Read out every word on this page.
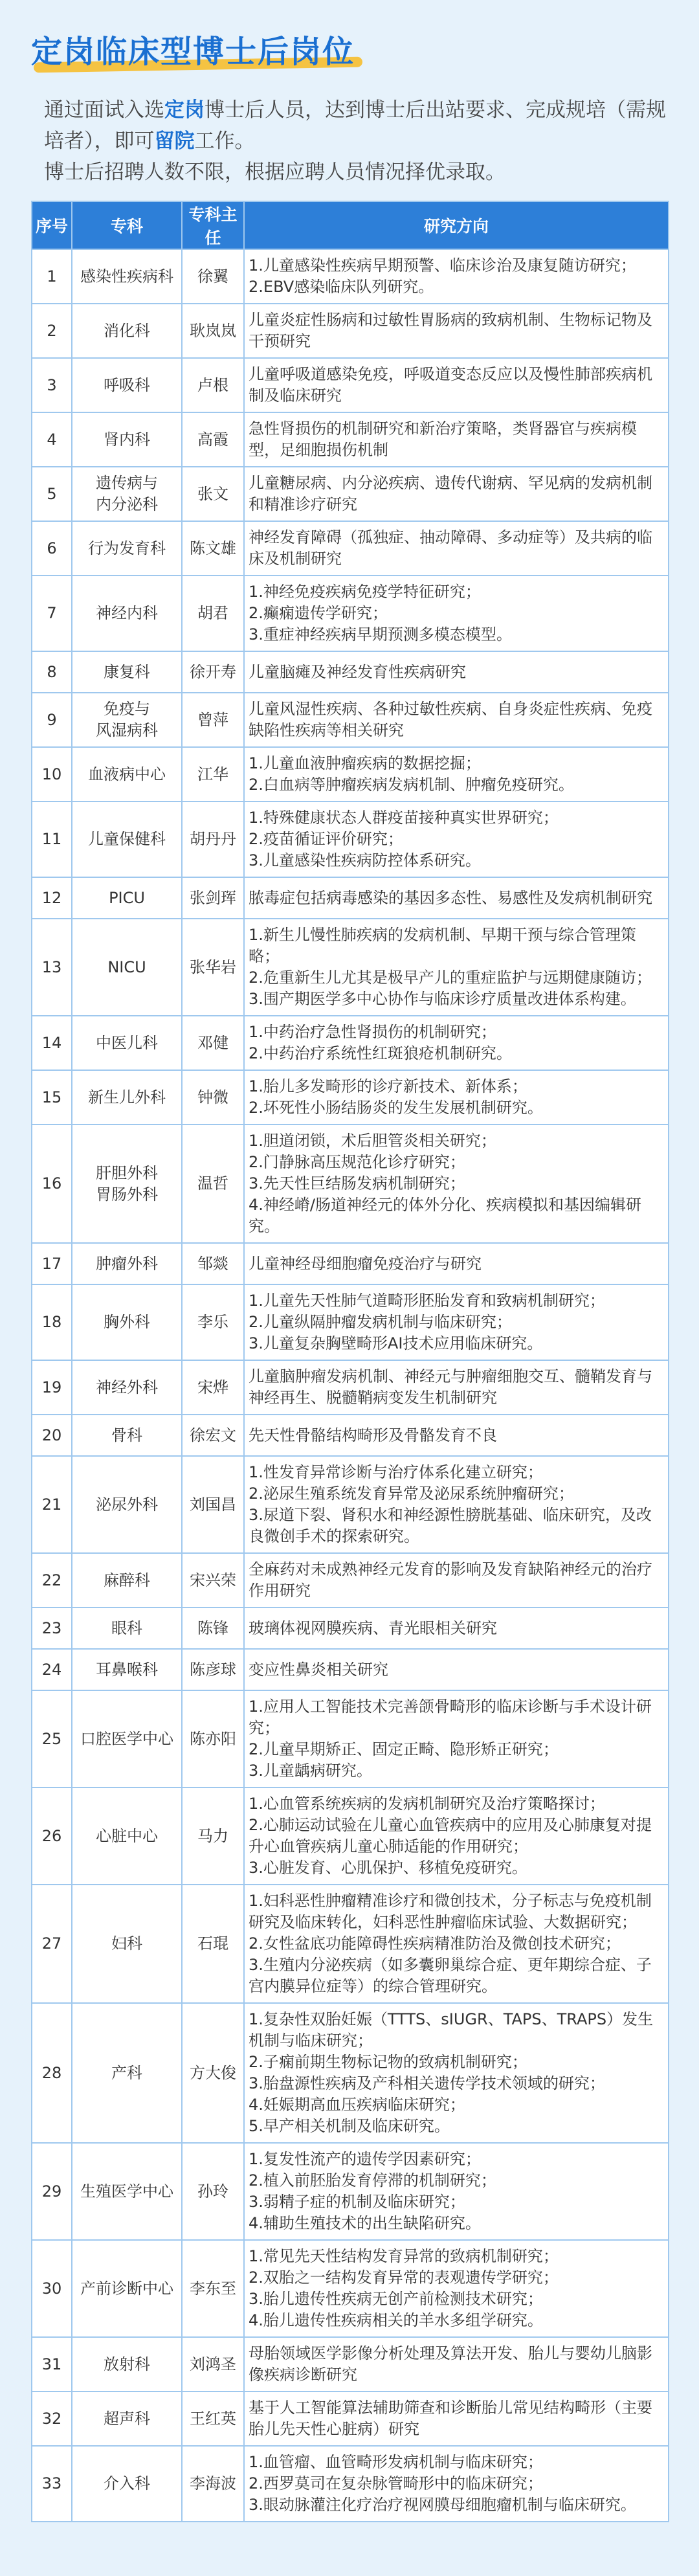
定岗临床型博士后岗位

通过面试入选定岗博士后人员，达到博士后出站要求、完成规培（需规培者），即可留院工作。

博士后招聘人数不限，根据应聘人员情况择优录取。

序号	专科	专科主任	研究方向
1	感染性疾病科	徐翼	1.儿童感染性疾病早期预警、临床诊治及康复随访研究；
2.EBV感染临床队列研究。
2	消化科	耿岚岚	儿童炎症性肠病和过敏性胃肠病的致病机制、生物标记物及干预研究
3	呼吸科	卢根	儿童呼吸道感染免疫，呼吸道变态反应以及慢性肺部疾病机制及临床研究
4	肾内科	高霞	急性肾损伤的机制研究和新治疗策略，类肾器官与疾病模型，足细胞损伤机制
5	遗传病与
内分泌科	张文	儿童糖尿病、内分泌疾病、遗传代谢病、罕见病的发病机制和精准诊疗研究
6	行为发育科	陈文雄	神经发育障碍（孤独症、抽动障碍、多动症等）及共病的临床及机制研究
7	神经内科	胡君	1.神经免疫疾病免疫学特征研究；
2.癫痫遗传学研究；
3.重症神经疾病早期预测多模态模型。
8	康复科	徐开寿	儿童脑瘫及神经发育性疾病研究
9	免疫与
风湿病科	曾萍	儿童风湿性疾病、各种过敏性疾病、自身炎症性疾病、免疫缺陷性疾病等相关研究
10	血液病中心	江华	1.儿童血液肿瘤疾病的数据挖掘；
2.白血病等肿瘤疾病发病机制、肿瘤免疫研究。
11	儿童保健科	胡丹丹	1.特殊健康状态人群疫苗接种真实世界研究；
2.疫苗循证评价研究；
3.儿童感染性疾病防控体系研究。
12	PICU	张剑珲	脓毒症包括病毒感染的基因多态性、易感性及发病机制研究
13	NICU	张华岩	1.新生儿慢性肺疾病的发病机制、早期干预与综合管理策略；
2.危重新生儿尤其是极早产儿的重症监护与远期健康随访；
3.围产期医学多中心协作与临床诊疗质量改进体系构建。
14	中医儿科	邓健	1.中药治疗急性肾损伤的机制研究；
2.中药治疗系统性红斑狼疮机制研究。
15	新生儿外科	钟微	1.胎儿多发畸形的诊疗新技术、新体系；
2.坏死性小肠结肠炎的发生发展机制研究。
16	肝胆外科
胃肠外科	温哲	1.胆道闭锁，术后胆管炎相关研究；
2.门静脉高压规范化诊疗研究；
3.先天性巨结肠发病机制研究；
4.神经嵴/肠道神经元的体外分化、疾病模拟和基因编辑研究。
17	肿瘤外科	邹燚	儿童神经母细胞瘤免疫治疗与研究
18	胸外科	李乐	1.儿童先天性肺气道畸形胚胎发育和致病机制研究；
2.儿童纵隔肿瘤发病机制与临床研究；
3.儿童复杂胸壁畸形AI技术应用临床研究。
19	神经外科	宋烨	儿童脑肿瘤发病机制、神经元与肿瘤细胞交互、髓鞘发育与神经再生、脱髓鞘病变发生机制研究
20	骨科	徐宏文	先天性骨骼结构畸形及骨骼发育不良
21	泌尿外科	刘国昌	1.性发育异常诊断与治疗体系化建立研究；
2.泌尿生殖系统发育异常及泌尿系统肿瘤研究；
3.尿道下裂、肾积水和神经源性膀胱基础、临床研究，及改良微创手术的探索研究。
22	麻醉科	宋兴荣	全麻药对未成熟神经元发育的影响及发育缺陷神经元的治疗作用研究
23	眼科	陈锋	玻璃体视网膜疾病、青光眼相关研究
24	耳鼻喉科	陈彦球	变应性鼻炎相关研究
25	口腔医学中心	陈亦阳	1.应用人工智能技术完善颌骨畸形的临床诊断与手术设计研究；
2.儿童早期矫正、固定正畸、隐形矫正研究；
3.儿童龋病研究。
26	心脏中心	马力	1.心血管系统疾病的发病机制研究及治疗策略探讨；
2.心肺运动试验在儿童心血管疾病中的应用及心肺康复对提升心血管疾病儿童心肺适能的作用研究；
3.心脏发育、心肌保护、移植免疫研究。
27	妇科	石琨	1.妇科恶性肿瘤精准诊疗和微创技术，分子标志与免疫机制研究及临床转化，妇科恶性肿瘤临床试验、大数据研究；
2.女性盆底功能障碍性疾病精准防治及微创技术研究；
3.生殖内分泌疾病（如多囊卵巢综合症、更年期综合症、子宫内膜异位症等）的综合管理研究。
28	产科	方大俊	1.复杂性双胎妊娠（TTTS、sIUGR、TAPS、TRAPS）发生机制与临床研究；
2.子痫前期生物标记物的致病机制研究；
3.胎盘源性疾病及产科相关遗传学技术领域的研究；
4.妊娠期高血压疾病临床研究；
5.早产相关机制及临床研究。
29	生殖医学中心	孙玲	1.复发性流产的遗传学因素研究；
2.植入前胚胎发育停滞的机制研究；
3.弱精子症的机制及临床研究；
4.辅助生殖技术的出生缺陷研究。
30	产前诊断中心	李东至	1.常见先天性结构发育异常的致病机制研究；
2.双胎之一结构发育异常的表观遗传学研究；
3.胎儿遗传性疾病无创产前检测技术研究；
4.胎儿遗传性疾病相关的羊水多组学研究。
31	放射科	刘鸿圣	母胎领域医学影像分析处理及算法开发、胎儿与婴幼儿脑影像疾病诊断研究
32	超声科	王红英	基于人工智能算法辅助筛查和诊断胎儿常见结构畸形（主要胎儿先天性心脏病）研究
33	介入科	李海波	1.血管瘤、血管畸形发病机制与临床研究；
2.西罗莫司在复杂脉管畸形中的临床研究；
3.眼动脉灌注化疗治疗视网膜母细胞瘤机制与临床研究。
